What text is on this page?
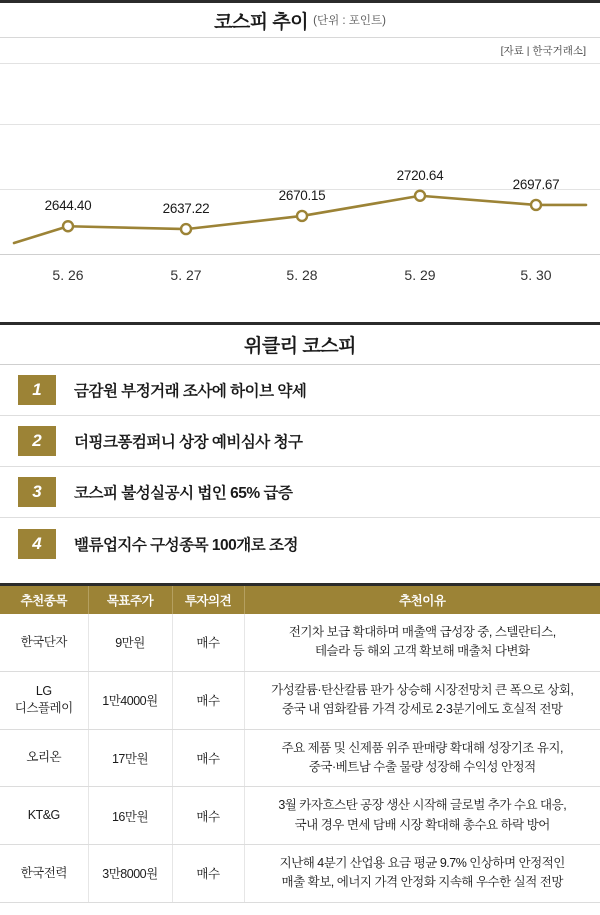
코스피 추이 (단위 : 포인트)
[자료 | 한국거래소]
2644.40	2637.22
2670.15
2720.64
2697.67
5. 26	5. 27	5. 28	5. 29	5. 30
위클리 코스피
1	금감원 부정거래 조사에 하이브 약세
2	더핑크퐁컴퍼니 상장 예비심사 청구
3	코스피 불성실공시 법인 65% 급증
4	밸류업지수 구성종목 100개로 조정
추천종목	목표주가	투자의견	추천이유
한국단자	9만원	매수	전기차 보급 확대하며 매출액 급성장 중, 스텔란티스,
테슬라 등 해외 고객 확보해 매출처 다변화
LG
디스플레이	1만4000원	매수	가성칼륨·탄산칼륨 판가 상승해 시장전망치 큰 폭으로 상회,
중국 내 염화칼륨 가격 강세로 2·3분기에도 호실적 전망
오리온	17만원	매수	주요 제품 및 신제품 위주 판매량 확대해 성장기조 유지,
중국·베트남 수출 물량 성장해 수익성 안정적
KT&G	16만원	매수	3월 카자흐스탄 공장 생산 시작해 글로벌 추가 수요 대응,
국내 경우 면세 담배 시장 확대해 총수요 하락 방어
한국전력	3만8000원	매수	지난해 4분기 산업용 요금 평균 9.7% 인상하며 안정적인
매출 확보, 에너지 가격 안정화 지속해 우수한 실적 전망
